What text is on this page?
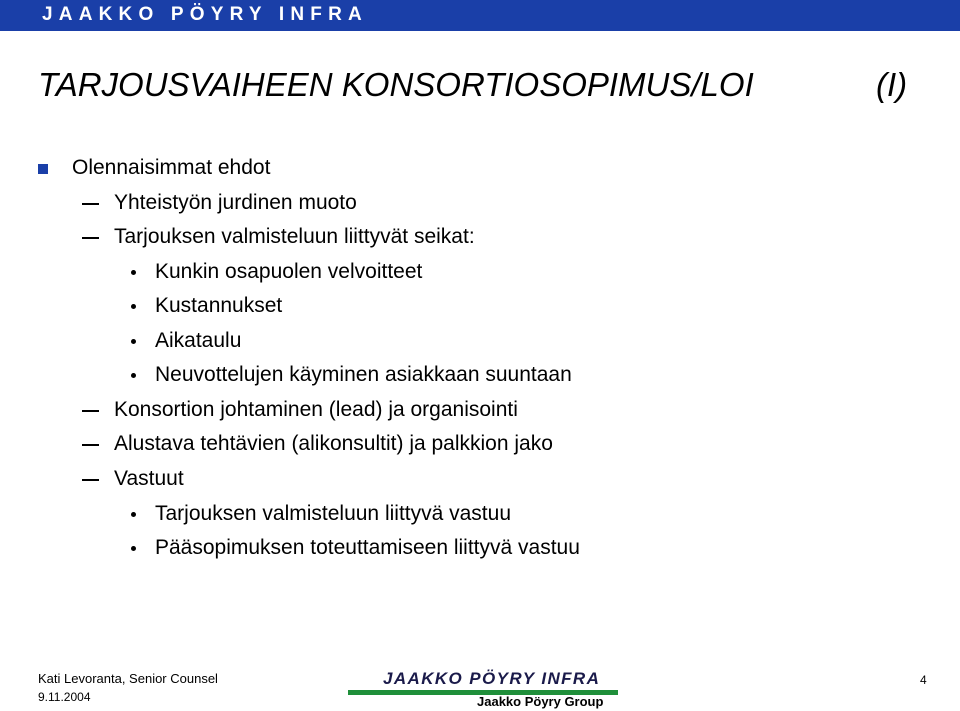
JAAKKO PÖYRY INFRA
TARJOUSVAIHEEN KONSORTIOSOPIMUS/LOI	(I)
Olennaisimmat ehdot
Yhteistyön jurdinen muoto
Tarjouksen valmisteluun liittyvät seikat:
Kunkin osapuolen velvoitteet
Kustannukset
Aikataulu
Neuvottelujen käyminen asiakkaan suuntaan
Konsortion johtaminen (lead) ja organisointi
Alustava tehtävien (alikonsultit) ja palkkion jako
Vastuut
Tarjouksen valmisteluun liittyvä vastuu
Pääsopimuksen toteuttamiseen liittyvä vastuu
Kati Levoranta, Senior Counsel
9.11.2004
JAAKKO PÖYRY INFRA
Jaakko Pöyry Group
4
